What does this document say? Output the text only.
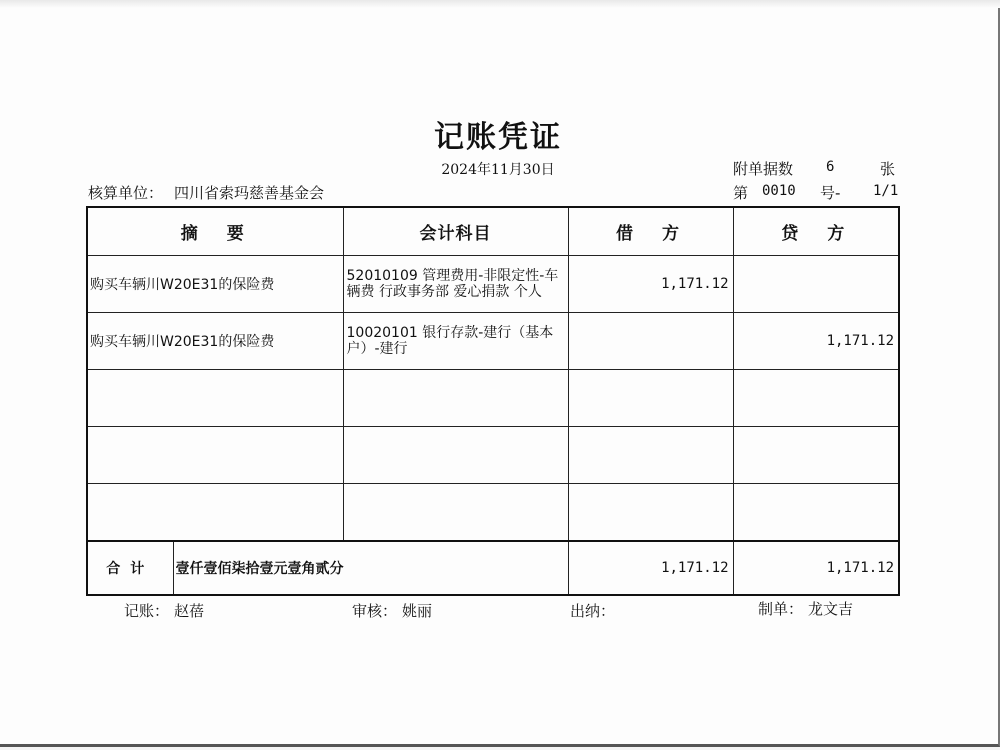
记账凭证
2024年11月30日	附单据数 6	张
核算单位： 四川省索玛慈善基金会	第 0010 号- 1/1
摘　要		会计科目	借　方	贷　方
购买车辆川W20E31的保险费		52010109 管理费用-非限定性-车辆费 行政事务部 爱心捐款 个人	1,171.12	
购买车辆川W20E31的保险费		10020101 银行存款-建行（基本户）-建行		1,171.12

合计	壹仟壹佰柒拾壹元壹角贰分		1,171.12	1,171.12
记账： 赵蓓	审核： 姚丽	出纳：	制单： 龙文吉
